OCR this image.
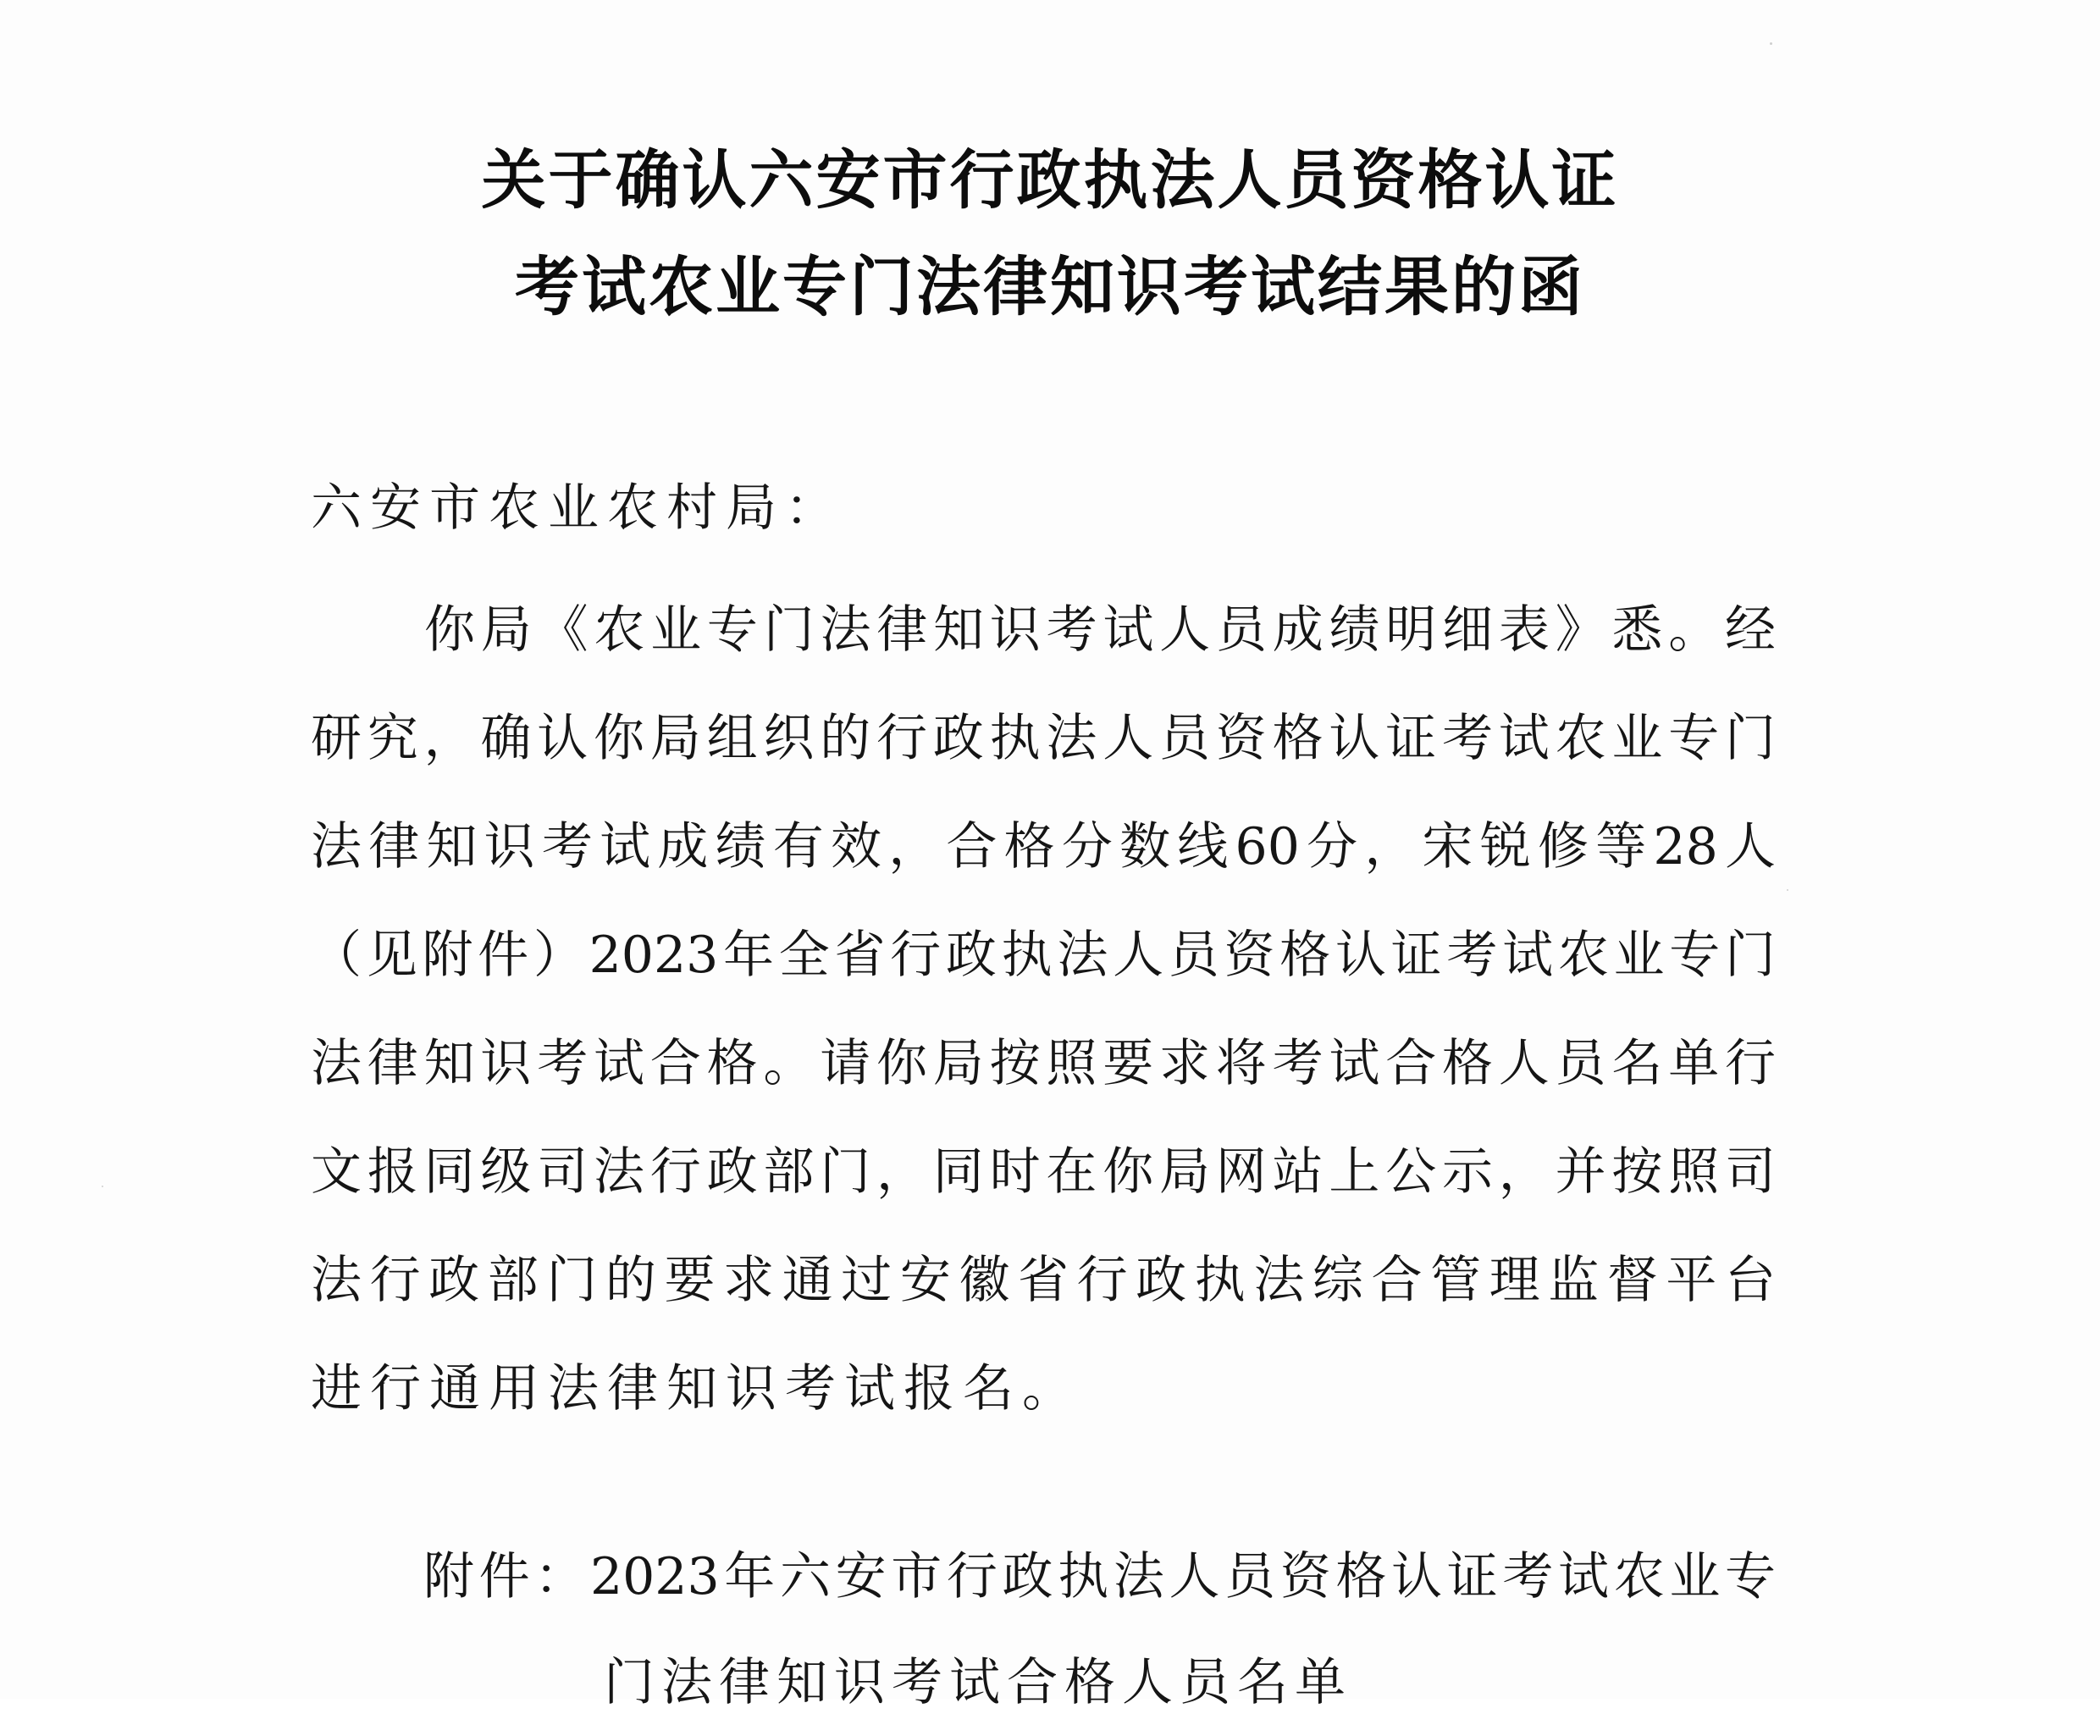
关于确认六安市行政执法人员资格认证
考试农业专门法律知识考试结果的函
六安市农业农村局：
你局《农业专门法律知识考试人员成绩明细表》悉。经
研究，确认你局组织的行政执法人员资格认证考试农业专门
法律知识考试成绩有效，合格分数线60分，宋锐修等28人
（见附件）2023年全省行政执法人员资格认证考试农业专门
法律知识考试合格。请你局按照要求将考试合格人员名单行
文报同级司法行政部门，同时在你局网站上公示，并按照司
法行政部门的要求通过安徽省行政执法综合管理监督平台
进行通用法律知识考试报名。
附件：2023年六安市行政执法人员资格认证考试农业专
门法律知识考试合格人员名单
